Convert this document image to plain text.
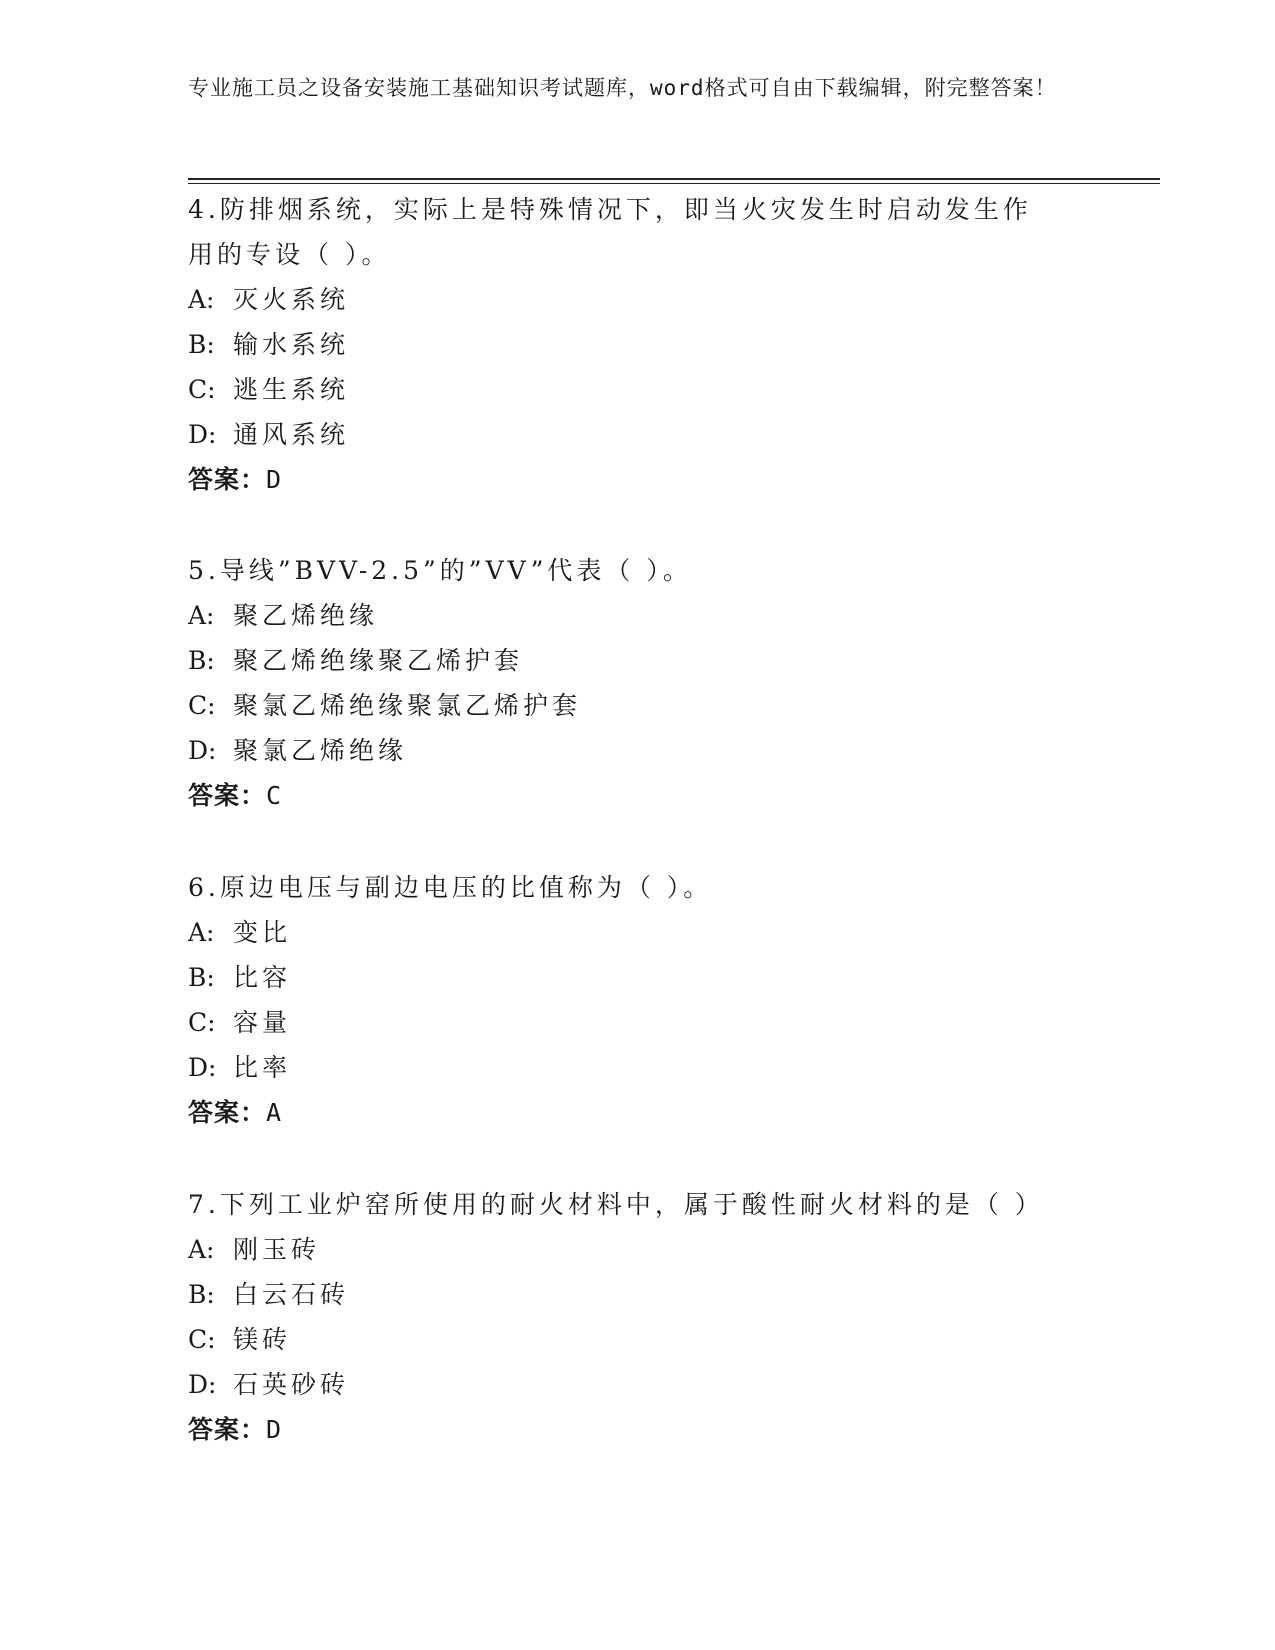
专业施工员之设备安装施工基础知识考试题库，word格式可自由下载编辑，附完整答案！

4.防排烟系统，实际上是特殊情况下，即当火灾发生时启动发生作用的专设（ ）。

A: 灭火系统
B: 输水系统
C: 逃生系统
D: 通风系统
答案：D

5.导线”BVV-2.5”的”VV”代表（ ）。

A: 聚乙烯绝缘
B: 聚乙烯绝缘聚乙烯护套
C: 聚氯乙烯绝缘聚氯乙烯护套
D: 聚氯乙烯绝缘
答案：C

6.原边电压与副边电压的比值称为（ ）。

A: 变比
B: 比容
C: 容量
D: 比率
答案：A

7.下列工业炉窑所使用的耐火材料中，属于酸性耐火材料的是（ ）

A: 刚玉砖
B: 白云石砖
C: 镁砖
D: 石英砂砖
答案：D
